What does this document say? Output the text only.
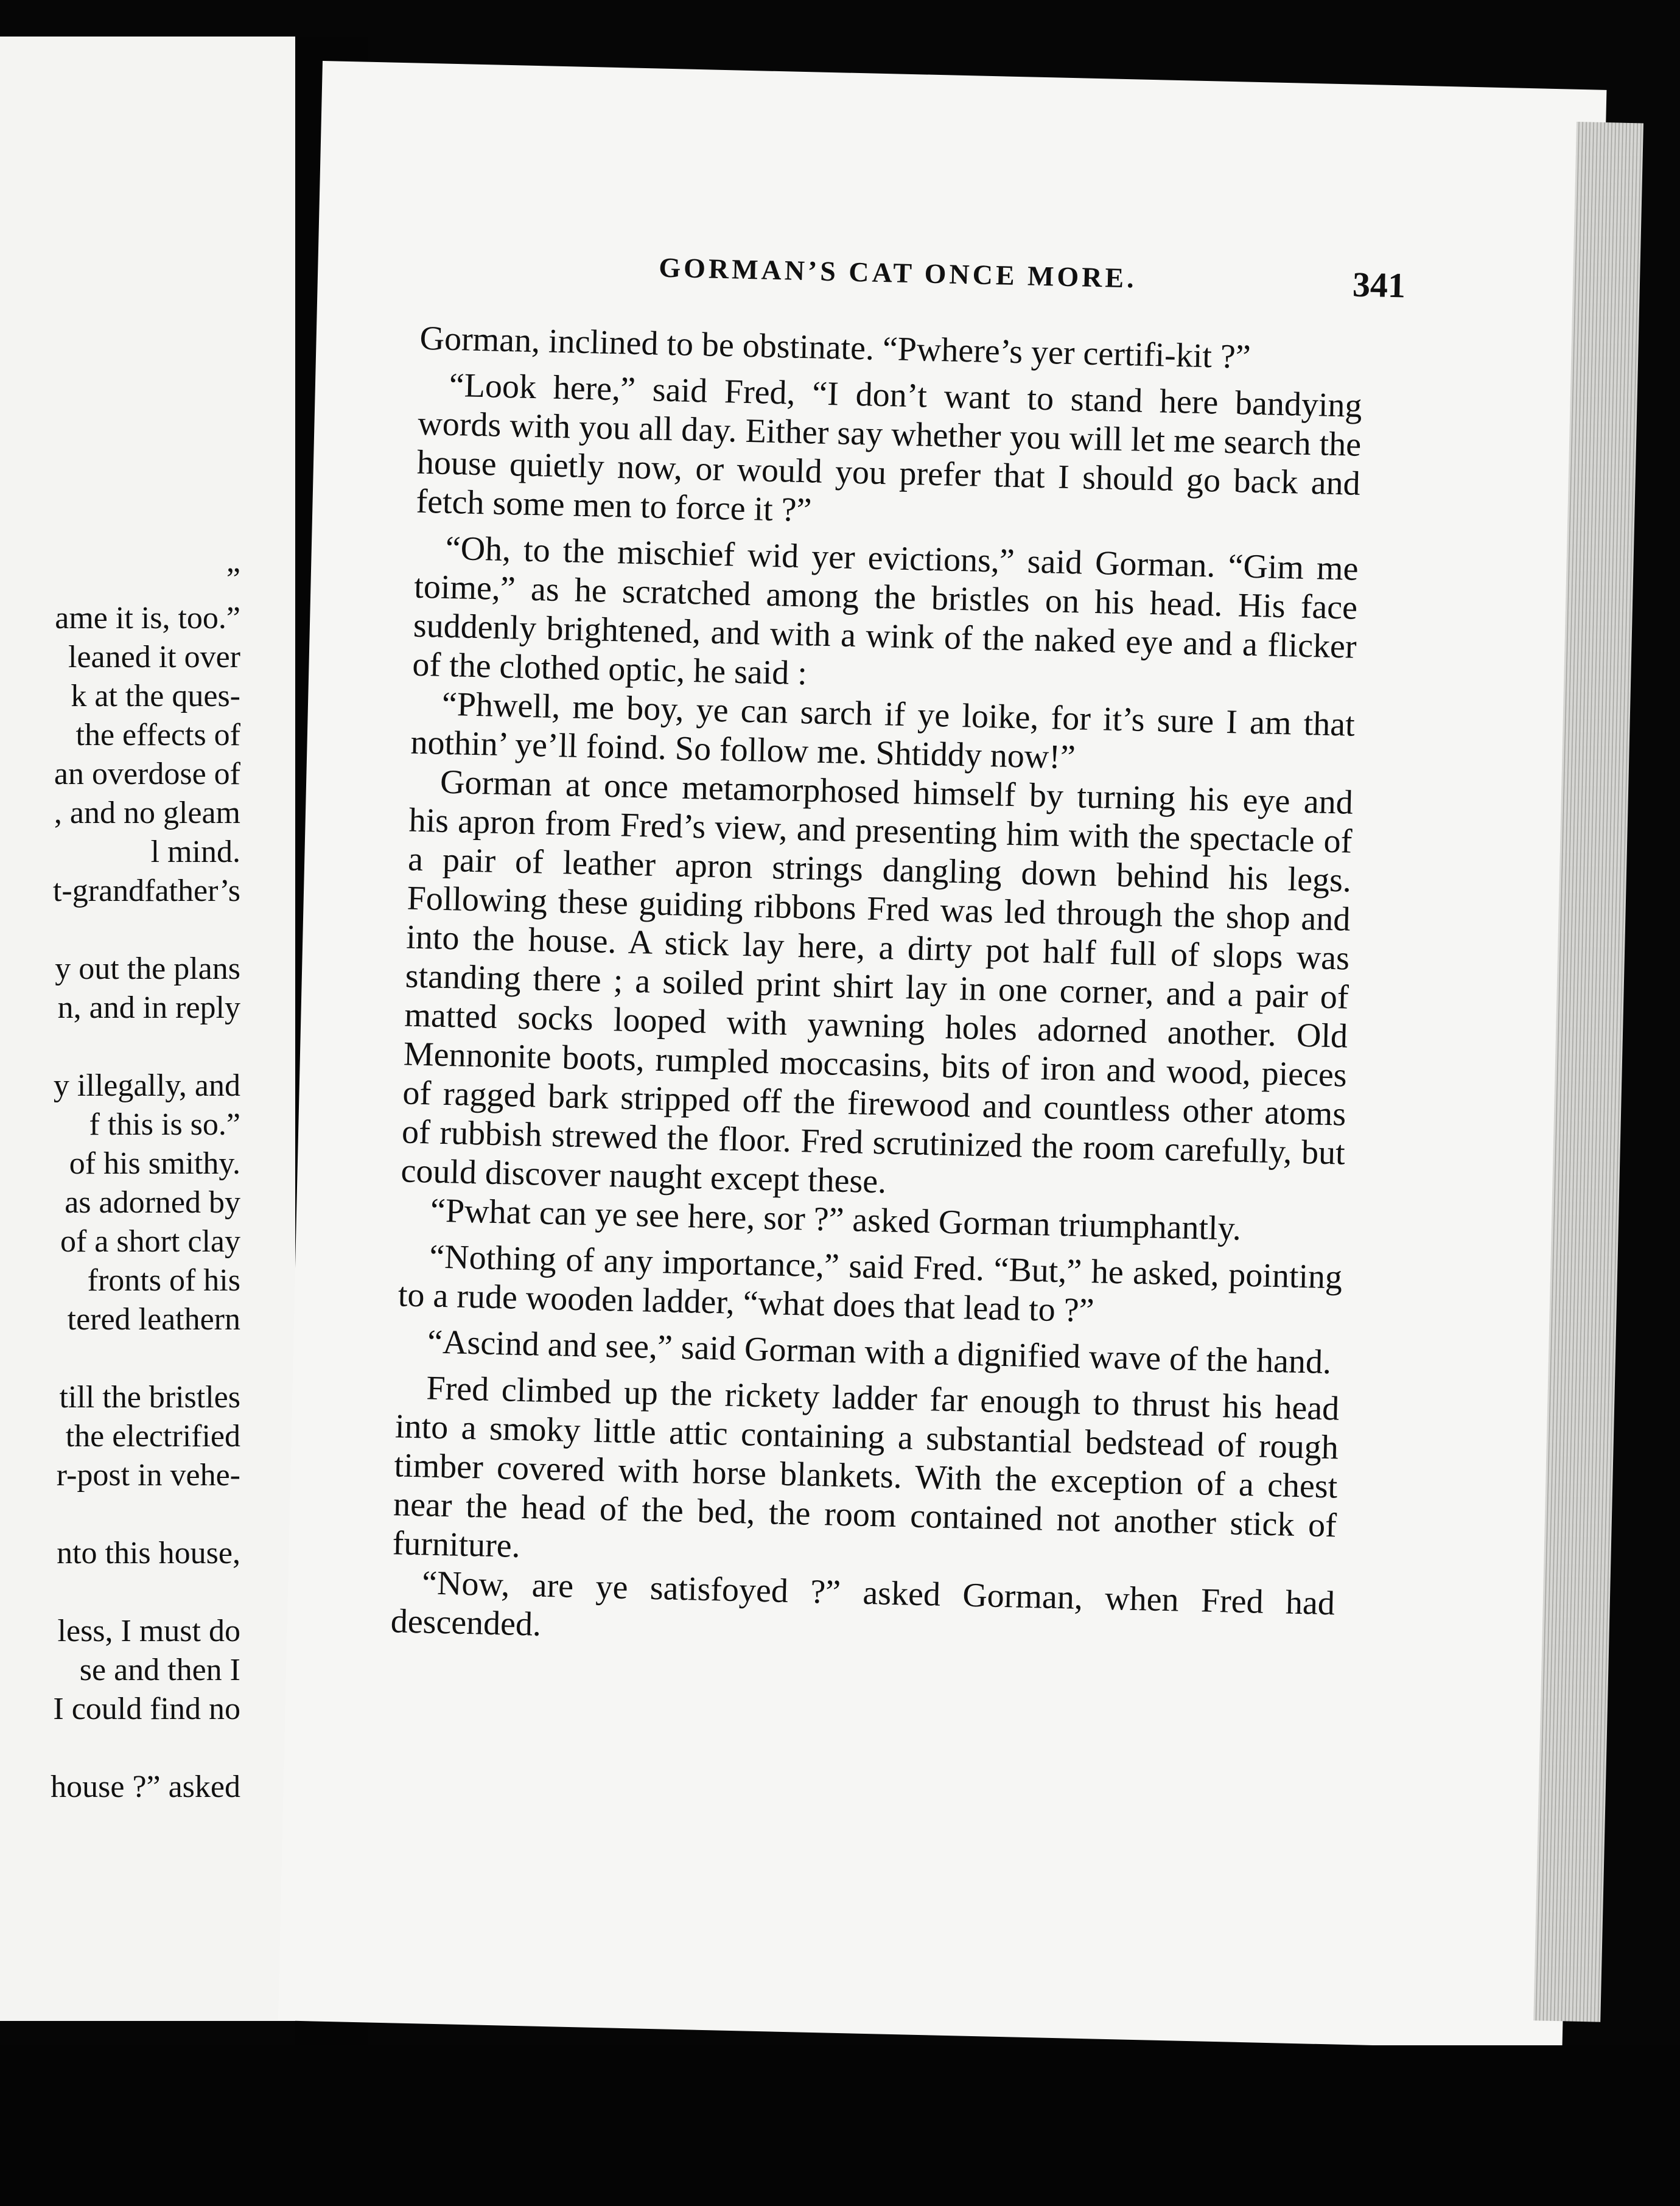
”
ame it is, too.”
leaned it over
k at the ques-
the effects of
an overdose of
, and no gleam
l mind.
t-grandfather’s
y out the plans
n, and in reply
y illegally, and
f this is so.”
of his smithy.
as adorned by
of a short clay
fronts of his
tered leathern
till the bristles
the electrified
r-post in vehe-
nto this house,
less, I must do
se and then I
I could find no
house ?” asked
GORMAN’S CAT ONCE MORE.	341

Gorman, inclined to be obstinate. “Pwhere’s yer certifi-kit ?”

“Look here,” said Fred, “I don’t want to stand here bandying words with you all day. Either say whether you will let me search the house quietly now, or would you prefer that I should go back and fetch some men to force it ?”

“Oh, to the mischief wid yer evictions,” said Gorman. “Gim me toime,” as he scratched among the bristles on his head. His face suddenly brightened, and with a wink of the naked eye and a flicker of the clothed optic, he said :

“Phwell, me boy, ye can sarch if ye loike, for it’s sure I am that nothin’ ye’ll foind. So follow me. Shtiddy now!”

Gorman at once metamorphosed himself by turning his eye and his apron from Fred’s view, and presenting him with the spectacle of a pair of leather apron strings dangling down behind his legs. Following these guiding ribbons Fred was led through the shop and into the house. A stick lay here, a dirty pot half full of slops was standing there ; a soiled print shirt lay in one corner, and a pair of matted socks looped with yawning holes adorned another. Old Mennonite boots, rumpled moccasins, bits of iron and wood, pieces of ragged bark stripped off the firewood and countless other atoms of rubbish strewed the floor. Fred scrutinized the room carefully, but could discover naught except these.

“Pwhat can ye see here, sor ?” asked Gorman triumphantly.

“Nothing of any importance,” said Fred. “But,” he asked, pointing to a rude wooden ladder, “what does that lead to ?”

“Ascind and see,” said Gorman with a dignified wave of the hand.

Fred climbed up the rickety ladder far enough to thrust his head into a smoky little attic containing a substantial bedstead of rough timber covered with horse blankets. With the exception of a chest near the head of the bed, the room contained not another stick of furniture.

“Now, are ye satisfoyed ?” asked Gorman, when Fred had descended.
